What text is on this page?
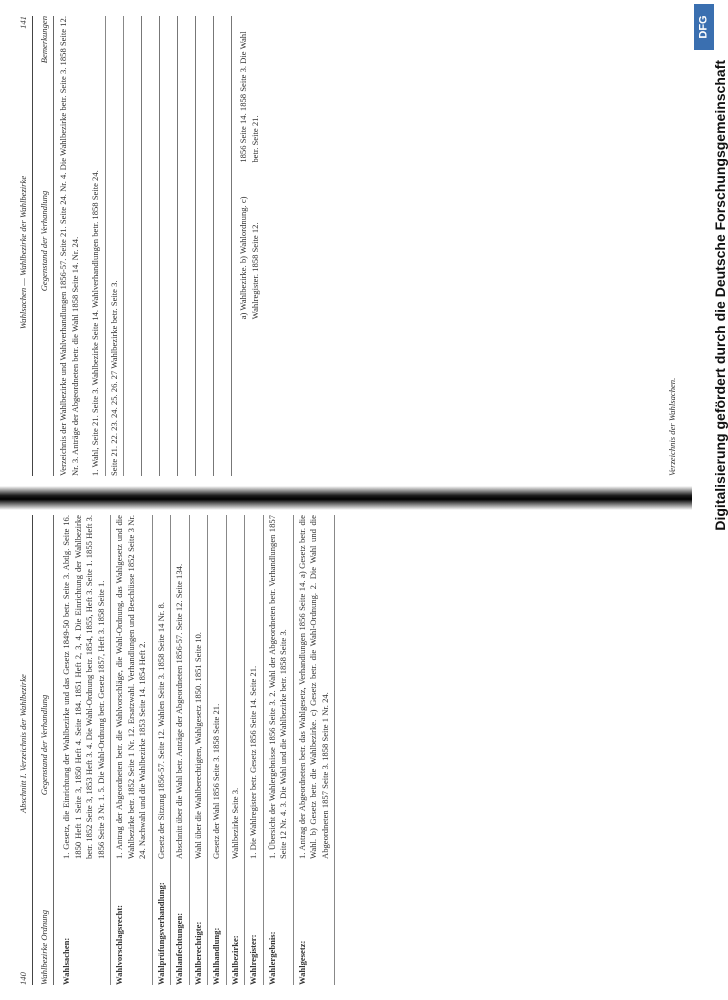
DFG
Digitalisierung gefördert durch die Deutsche Forschungsgemeinschaft
140
Abschnitt I. Verzeichnis der Wahlbezirke
Wahlbezirke Ordnung
Gegenstand der Verhandlung
Wahlsachen:
1. Gesetz, die Einrichtung der Wahlbezirke und das Gesetz 1849-50 betr. Seite 3. Abtlg. Seite 16. 1850 Heft 1 Seite 3, 1850 Heft 4. Seite 184. 1851 Heft 2, 3, 4. Die Einrichtung der Wahlbezirke betr. 1852 Seite 3, 1853 Heft 3. 4. Die Wahl-Ordnung betr. 1854, 1855, Heft 3. Seite 1. 1855 Heft 3. 1856 Seite 3 Nr. 1. 5. Die Wahl-Ordnung betr. Gesetz 1857, Heft 3. 1858 Seite 1.
Wahlvorschlagsrecht:
1. Antrag der Abgeordneten betr. die Wahlvorschläge, die Wahl-Ordnung, das Wahlgesetz und die Wahlbezirke betr. 1852 Seite 1 Nr. 12. Ersatzwahl. Verhandlungen und Beschlüsse 1852 Seite 3 Nr. 24. Nachwahl und die Wahlbezirke 1853 Seite 14. 1854 Heft 2.
Wahlprüfungsverhandlung:
Gesetz der Sitzung 1856-57. Seite 12. Wahlen Seite 3. 1858 Seite 14 Nr. 8.
Wahlanfechtungen:
Abschnitt über die Wahl betr. Anträge der Abgeordneten 1856-57. Seite 12. Seite 134.
Wahlberechtigte:
Wahl über die Wahlberechtigten, Wahlgesetz 1850. 1851 Seite 10.
Wahlhandlung:
Gesetz der Wahl 1856 Seite 3. 1858 Seite 21.
Wahlbezirke:
Wahlbezirke Seite 3.
Wahlregister:
1. Die Wahlregister betr. Gesetz 1856 Seite 14. Seite 21.
Wahlergebnis:
1. Übersicht der Wahlergebnisse 1856 Seite 3. 2. Wahl der Abgeordneten betr. Verhandlungen 1857 Seite 12 Nr. 4. 3. Die Wahl und die Wahlbezirke betr. 1858 Seite 3.
Wahlgesetz:
1. Antrag der Abgeordneten betr. das Wahlgesetz, Verhandlungen 1856 Seite 14. a) Gesetz betr. die Wahl. b) Gesetz betr. die Wahlbezirke. c) Gesetz betr. die Wahl-Ordnung. 2. Die Wahl und die Abgeordneten 1857 Seite 3. 1858 Seite 1 Nr. 24.
Wahlsachen — Wahlbezirke der Wahlbezirke
141
Gegenstand der Verhandlung
Bemerkungen Verzeichnis der Wahlbezirke und Wahlverhandlungen 1856-57. Seite 21. Seite 24. Nr. 4. Die Wahlbezirke betr. Seite 3. 1858 Seite 12. Nr. 3. Anträge der Abgeordneten betr. die Wahl 1858 Seite 14. Nr. 24. 1. Wahl, Seite 21. Seite 3. Wahlbezirke Seite 14. Wahlverhandlungen betr. 1858 Seite 24. Seite 21. 22. 23. 24. 25. 26. 27 Wahlbezirke betr. Seite 3.
a) Wahlbezirke. b) Wahlordnung. c) Wahlregister. 1858 Seite 12.
1856 Seite 14. 1858 Seite 3. Die Wahl betr. Seite 21.
Verzeichnis der Wahlsachen.
